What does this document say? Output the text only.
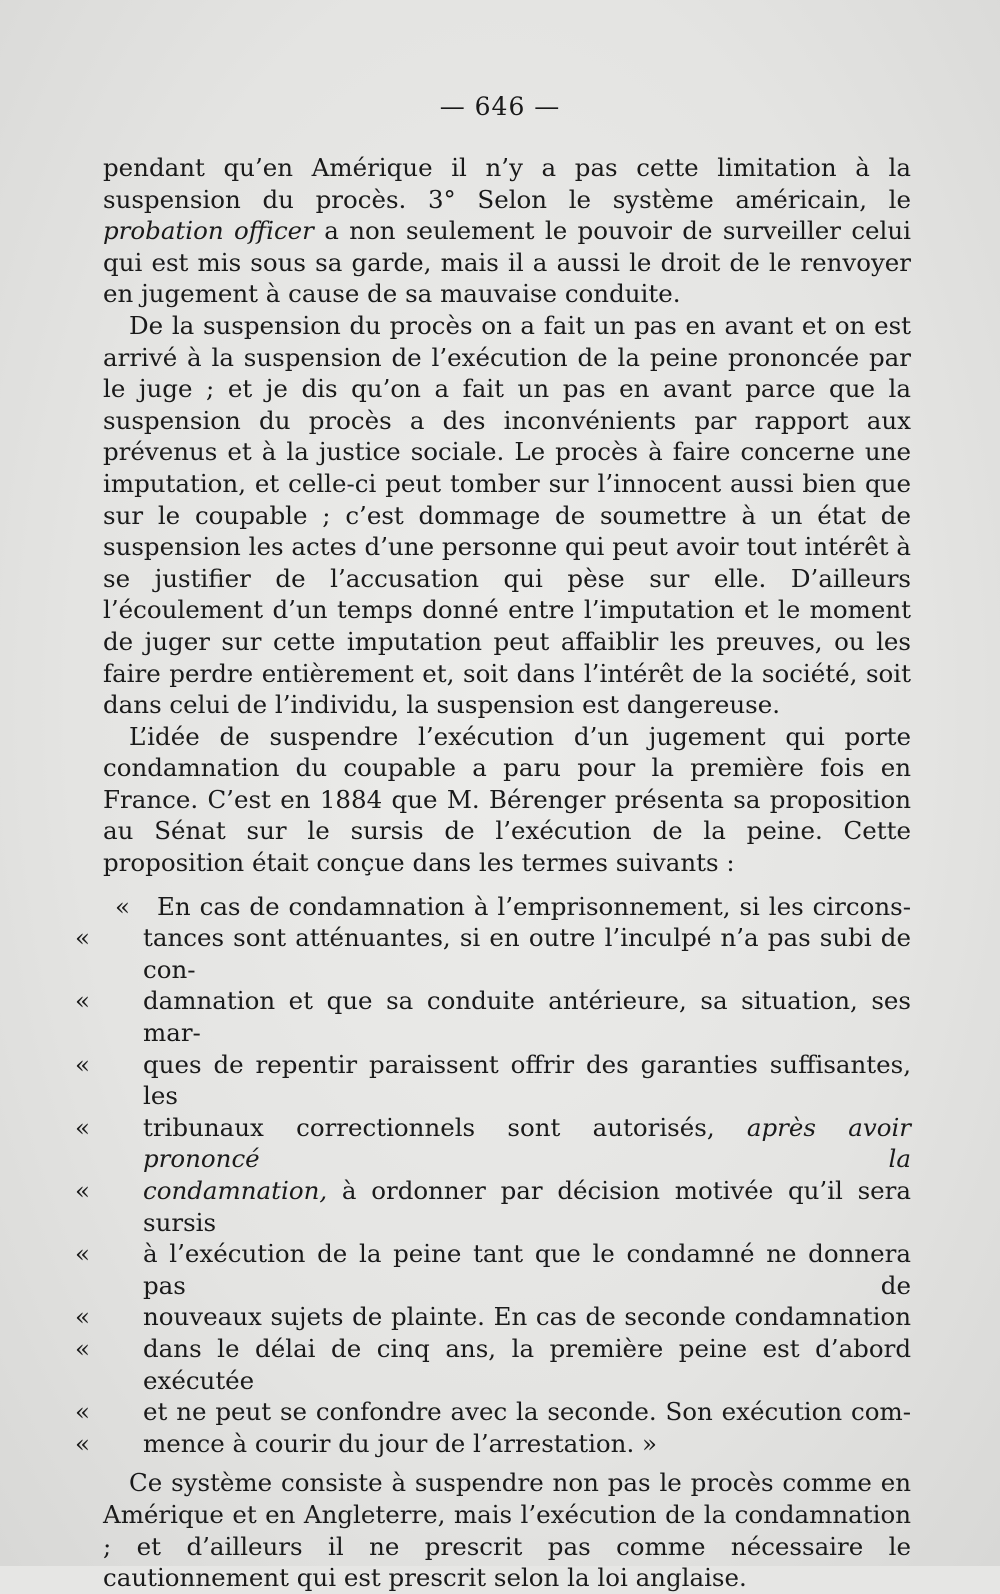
— 646 —

pendant qu’en Amérique il n’y a pas cette limitation à la suspension du procès. 3° Selon le système américain, le probation officer a non seulement le pouvoir de surveiller celui qui est mis sous sa garde, mais il a aussi le droit de le renvoyer en jugement à cause de sa mauvaise conduite.

De la suspension du procès on a fait un pas en avant et on est arrivé à la suspension de l’exécution de la peine prononcée par le juge ; et je dis qu’on a fait un pas en avant parce que la suspension du procès a des inconvénients par rapport aux prévenus et à la justice sociale. Le procès à faire concerne une imputation, et celle-ci peut tomber sur l’innocent aussi bien que sur le coupable ; c’est dommage de soumettre à un état de suspension les actes d’une personne qui peut avoir tout intérêt à se justifier de l’accusation qui pèse sur elle. D’ailleurs l’écoulement d’un temps donné entre l’imputation et le moment de juger sur cette imputation peut affaiblir les preuves, ou les faire perdre entièrement et, soit dans l’intérêt de la société, soit dans celui de l’individu, la suspension est dangereuse.

L’idée de suspendre l’exécution d’un jugement qui porte condamnation du coupable a paru pour la première fois en France. C’est en 1884 que M. Bérenger présenta sa proposition au Sénat sur le sursis de l’exécution de la peine. Cette proposition était conçue dans les termes suivants :

« En cas de condamnation à l’emprisonnement, si les circons-
« tances sont atténuantes, si en outre l’inculpé n’a pas subi de con-
« damnation et que sa conduite antérieure, sa situation, ses mar-
« ques de repentir paraissent offrir des garanties suffisantes, les
« tribunaux correctionnels sont autorisés, après avoir prononcé la
« condamnation, à ordonner par décision motivée qu’il sera sursis
« à l’exécution de la peine tant que le condamné ne donnera pas de
« nouveaux sujets de plainte. En cas de seconde condamnation
« dans le délai de cinq ans, la première peine est d’abord exécutée
« et ne peut se confondre avec la seconde. Son exécution com-
« mence à courir du jour de l’arrestation. »

Ce système consiste à suspendre non pas le procès comme en Amérique et en Angleterre, mais l’exécution de la condamnation ; et d’ailleurs il ne prescrit pas comme nécessaire le cautionnement qui est prescrit selon la loi anglaise.
